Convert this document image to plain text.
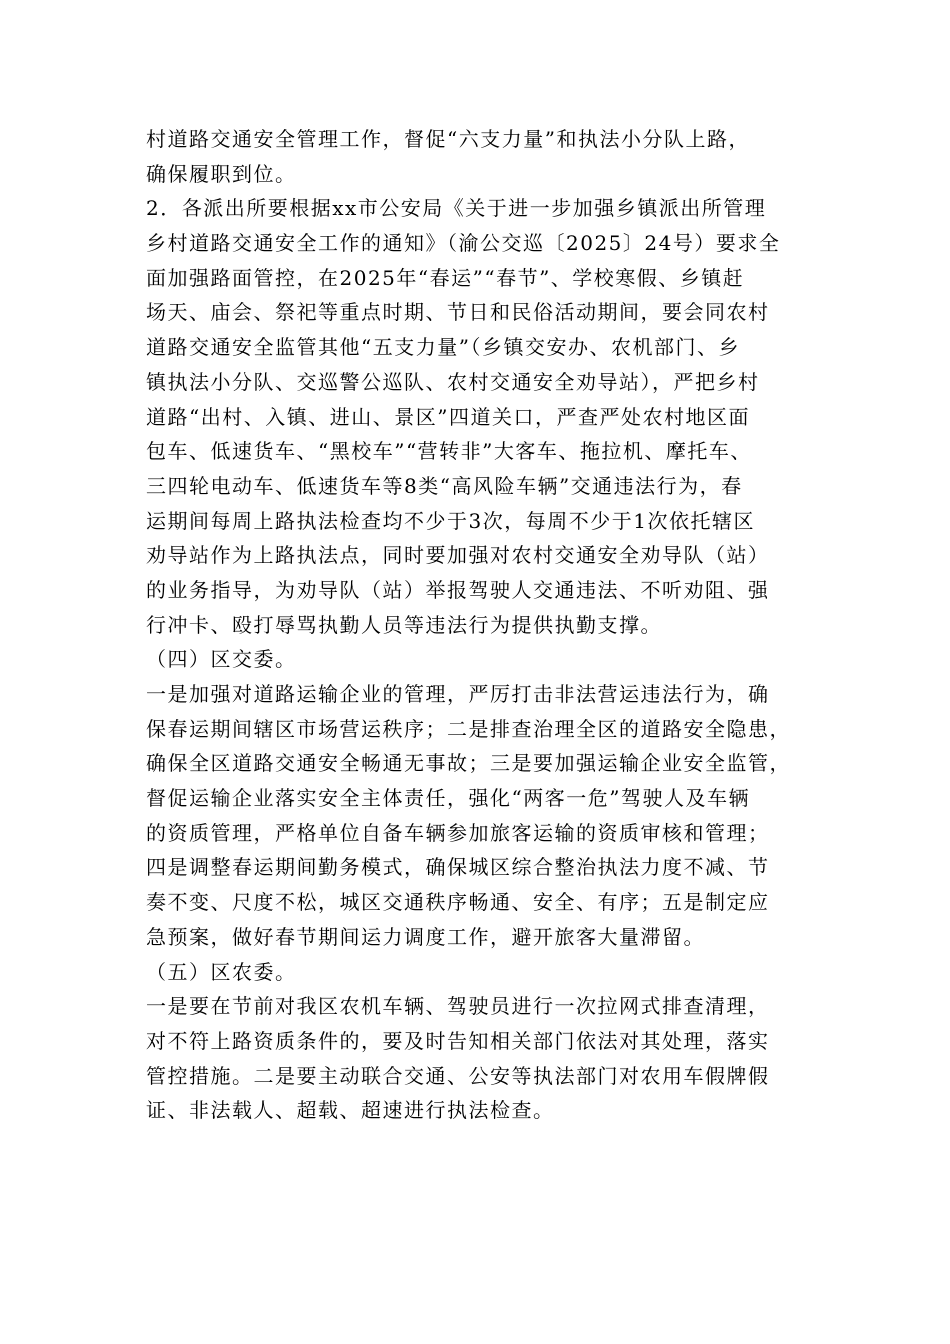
村道路交通安全管理工作，督促“六支力量”和执法小分队上路，
确保履职到位。
2．各派出所要根据xx市公安局《关于进一步加强乡镇派出所管理
乡村道路交通安全工作的通知》（渝公交巡〔2025〕24号）要求全
面加强路面管控，在2025年“春运”“春节”、学校寒假、乡镇赶
场天、庙会、祭祀等重点时期、节日和民俗活动期间，要会同农村
道路交通安全监管其他“五支力量”（乡镇交安办、农机部门、乡
镇执法小分队、交巡警公巡队、农村交通安全劝导站），严把乡村
道路“出村、入镇、进山、景区”四道关口，严查严处农村地区面
包车、低速货车、“黑校车”“营转非”大客车、拖拉机、摩托车、
三四轮电动车、低速货车等8类“高风险车辆”交通违法行为，春
运期间每周上路执法检查均不少于3次，每周不少于1次依托辖区
劝导站作为上路执法点，同时要加强对农村交通安全劝导队（站）
的业务指导，为劝导队（站）举报驾驶人交通违法、不听劝阻、强
行冲卡、殴打辱骂执勤人员等违法行为提供执勤支撑。
（四）区交委。
一是加强对道路运输企业的管理，严厉打击非法营运违法行为，确
保春运期间辖区市场营运秩序；二是排查治理全区的道路安全隐患，
确保全区道路交通安全畅通无事故；三是要加强运输企业安全监管，
督促运输企业落实安全主体责任，强化“两客一危”驾驶人及车辆
的资质管理，严格单位自备车辆参加旅客运输的资质审核和管理；
四是调整春运期间勤务模式，确保城区综合整治执法力度不减、节
奏不变、尺度不松，城区交通秩序畅通、安全、有序；五是制定应
急预案，做好春节期间运力调度工作，避开旅客大量滞留。
（五）区农委。
一是要在节前对我区农机车辆、驾驶员进行一次拉网式排查清理，
对不符上路资质条件的，要及时告知相关部门依法对其处理，落实
管控措施。二是要主动联合交通、公安等执法部门对农用车假牌假
证、非法载人、超载、超速进行执法检查。
